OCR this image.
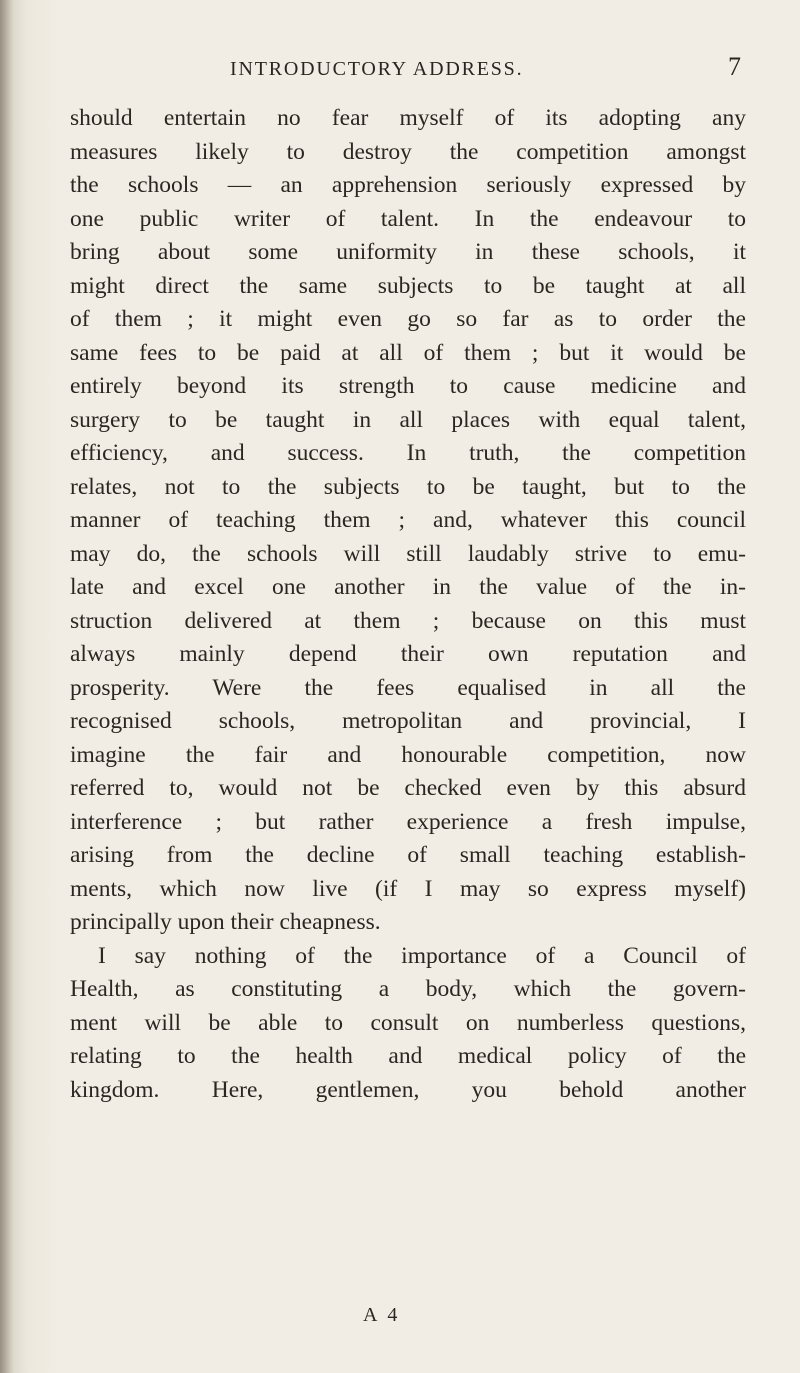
INTRODUCTORY ADDRESS.	7
should entertain no fear myself of its adopting any
measures likely to destroy the competition amongst
the schools — an apprehension seriously expressed by
one public writer of talent. In the endeavour to
bring about some uniformity in these schools, it
might direct the same subjects to be taught at all
of them ; it might even go so far as to order the
same fees to be paid at all of them ; but it would be
entirely beyond its strength to cause medicine and
surgery to be taught in all places with equal talent,
efficiency, and success. In truth, the competition
relates, not to the subjects to be taught, but to the
manner of teaching them ; and, whatever this council
may do, the schools will still laudably strive to emu-
late and excel one another in the value of the in-
struction delivered at them ; because on this must
always mainly depend their own reputation and
prosperity. Were the fees equalised in all the
recognised schools, metropolitan and provincial, I
imagine the fair and honourable competition, now
referred to, would not be checked even by this absurd
interference ; but rather experience a fresh impulse,
arising from the decline of small teaching establish-
ments, which now live (if I may so express myself)
principally upon their cheapness.
I say nothing of the importance of a Council of
Health, as constituting a body, which the govern-
ment will be able to consult on numberless questions,
relating to the health and medical policy of the
kingdom. Here, gentlemen, you behold another
A 4
